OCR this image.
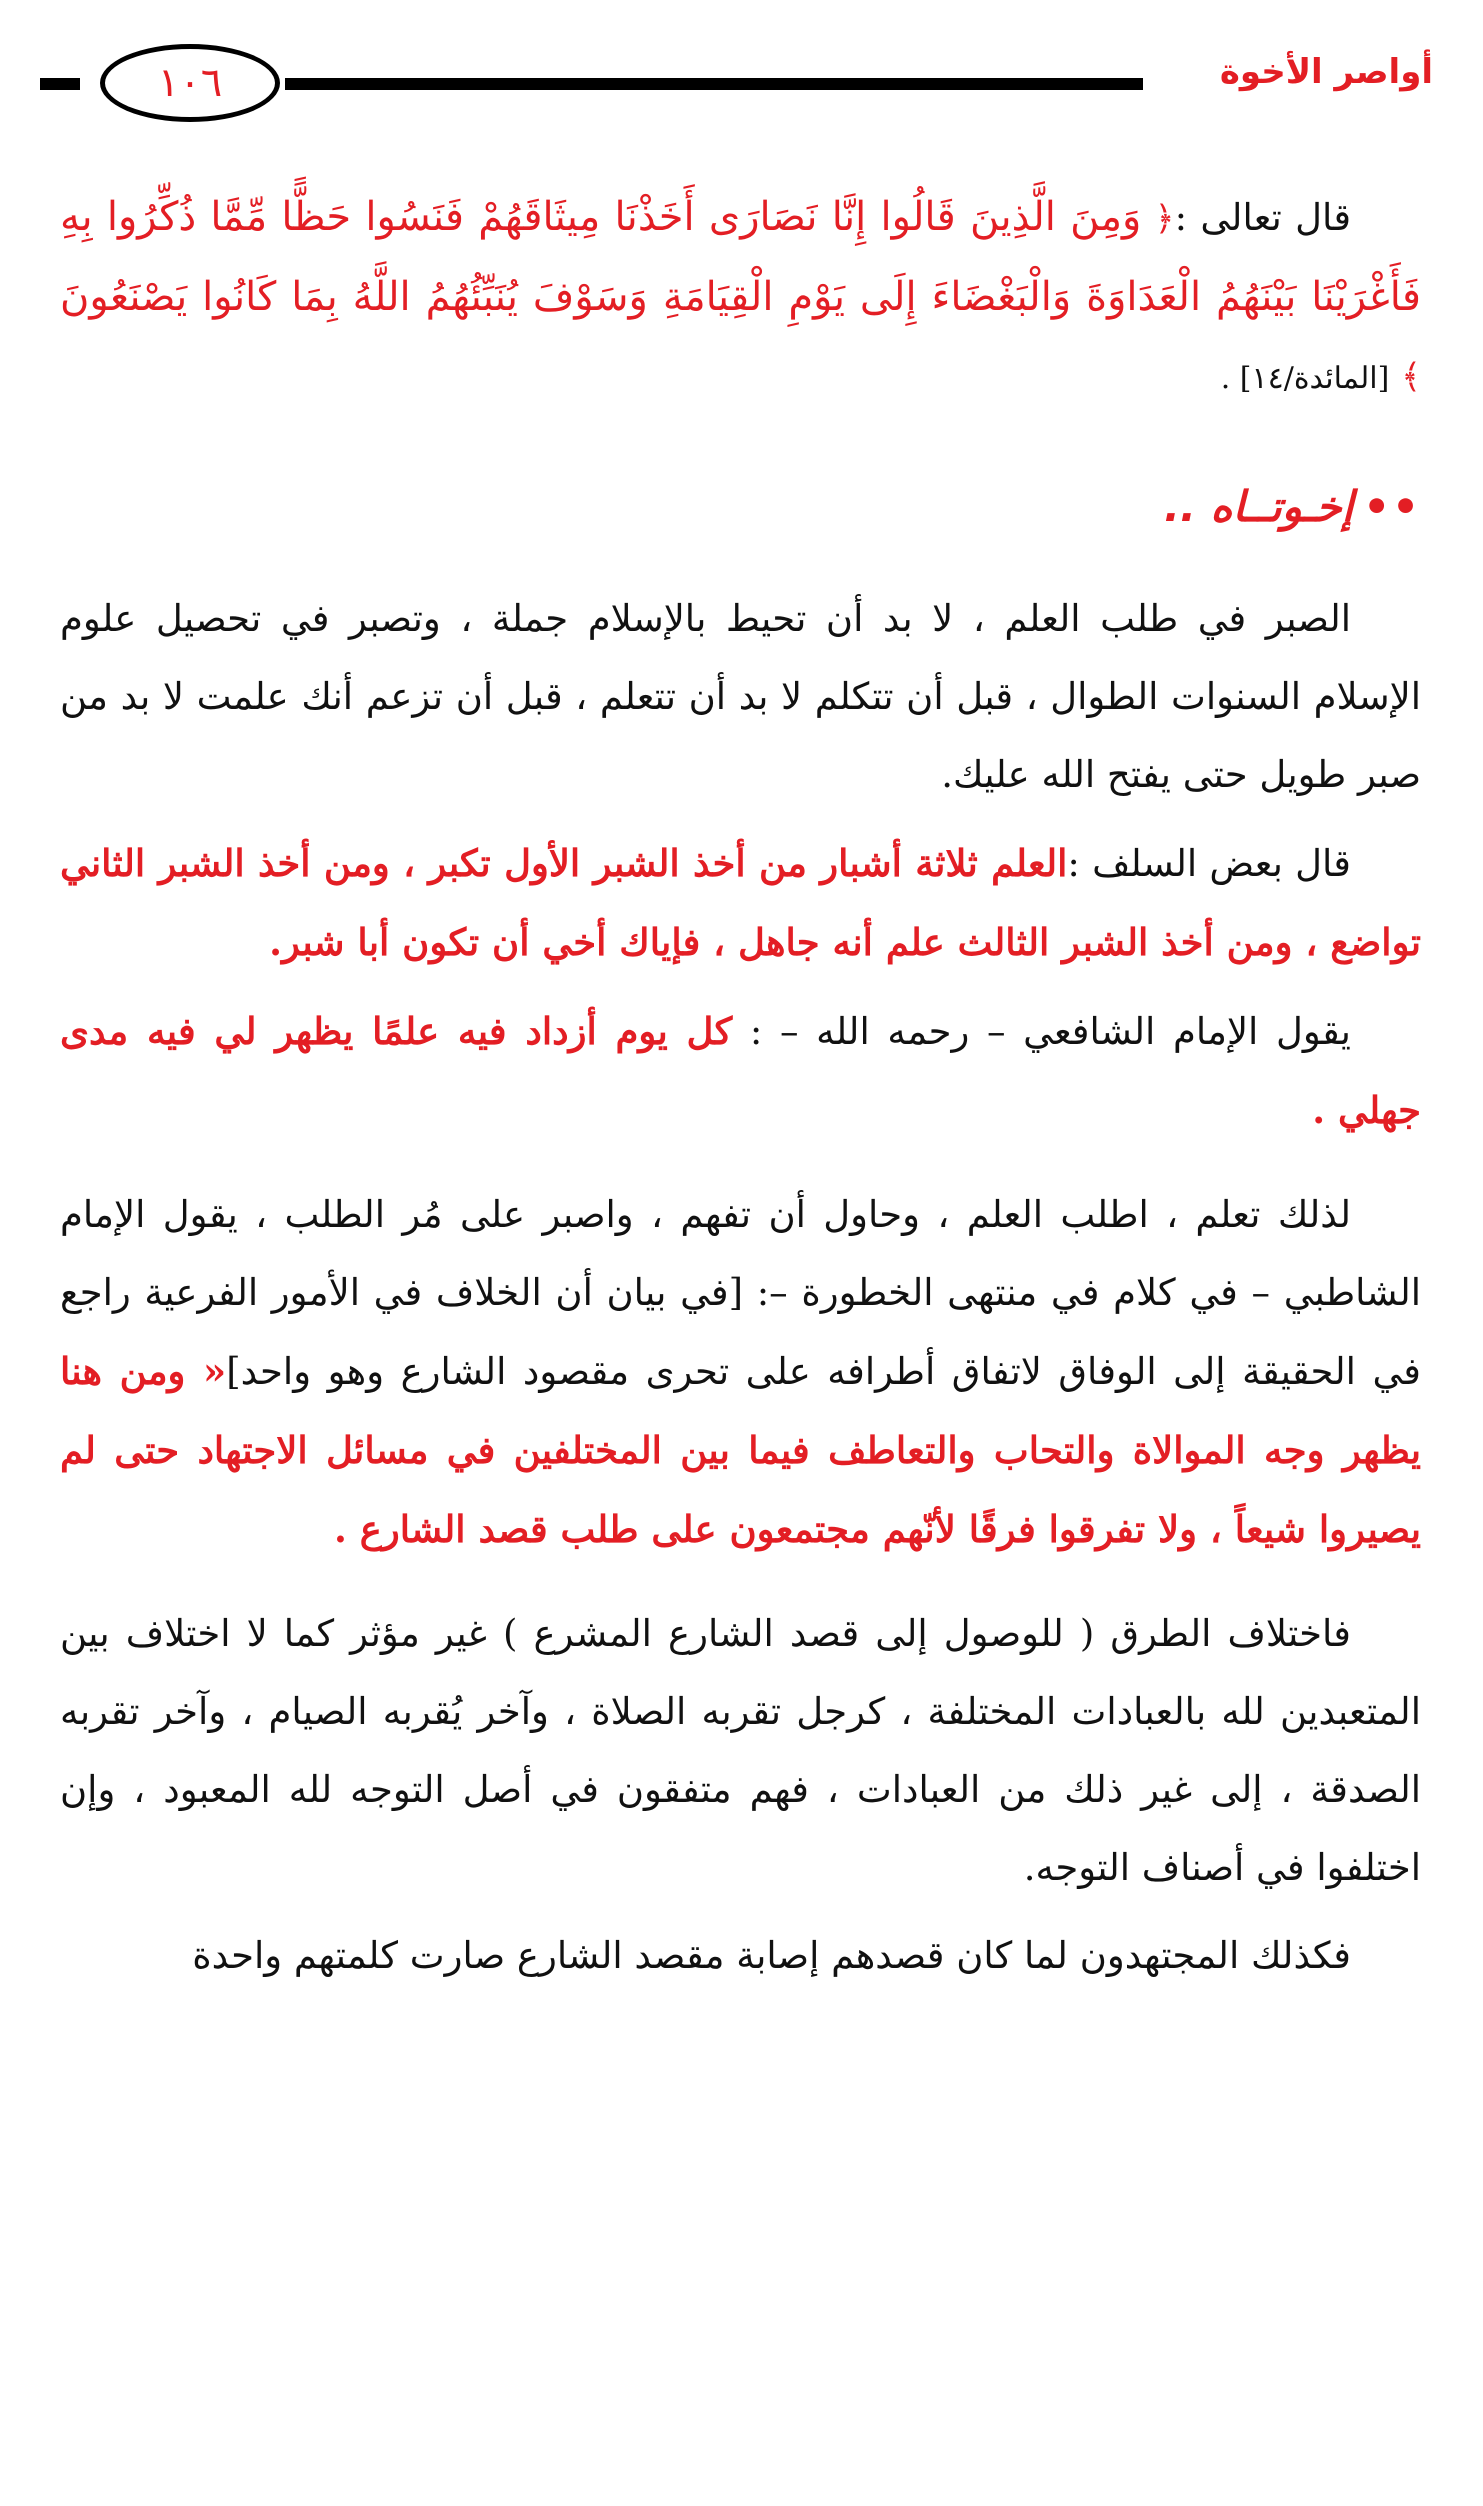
أواصر الأخوة
١٠٦

قال تعالى :﴿ وَمِنَ الَّذِينَ قَالُوا إِنَّا نَصَارَى أَخَذْنَا مِيثَاقَهُمْ فَنَسُوا حَظًّا مِّمَّا ذُكِّرُوا بِهِ فَأَغْرَيْنَا بَيْنَهُمُ الْعَدَاوَةَ وَالْبَغْضَاءَ إِلَى يَوْمِ الْقِيَامَةِ وَسَوْفَ يُنَبِّئُهُمُ اللَّهُ بِمَا كَانُوا يَصْنَعُونَ ﴾ [المائدة/١٤] .

••إخـوتــاه ..

الصبر في طلب العلم ، لا بد أن تحيط بالإسلام جملة ، وتصبر في تحصيل علوم الإسلام السنوات الطوال ، قبل أن تتكلم لا بد أن تتعلم ، قبل أن تزعم أنك علمت لا بد من صبر طويل حتى يفتح الله عليك.

قال بعض السلف :العلم ثلاثة أشبار من أخذ الشبر الأول تكبر ، ومن أخذ الشبر الثاني تواضع ، ومن أخذ الشبر الثالث علم أنه جاهل ، فإياك أخي أن تكون أبا شبر.

يقول الإمام الشافعي – رحمه الله – : كل يوم أزداد فيه علمًا يظهر لي فيه مدى جهلي .

لذلك تعلم ، اطلب العلم ، وحاول أن تفهم ، واصبر على مُر الطلب ، يقول الإمام الشاطبي – في كلام في منتهى الخطورة –: [في بيان أن الخلاف في الأمور الفرعية راجع في الحقيقة إلى الوفاق لاتفاق أطرافه على تحرى مقصود الشارع وهو واحد]« ومن هنا يظهر وجه الموالاة والتحاب والتعاطف فيما بين المختلفين في مسائل الاجتهاد حتى لم يصيروا شيعاً ، ولا تفرقوا فرقًا لأنّهم مجتمعون على طلب قصد الشارع .

فاختلاف الطرق ( للوصول إلى قصد الشارع المشرع ) غير مؤثر كما لا اختلاف بين المتعبدين لله بالعبادات المختلفة ، كرجل تقربه الصلاة ، وآخر يُقربه الصيام ، وآخر تقربه الصدقة ، إلى غير ذلك من العبادات ، فهم متفقون في أصل التوجه لله المعبود ، وإن اختلفوا في أصناف التوجه.

فكذلك المجتهدون لما كان قصدهم إصابة مقصد الشارع صارت كلمتهم واحدة
